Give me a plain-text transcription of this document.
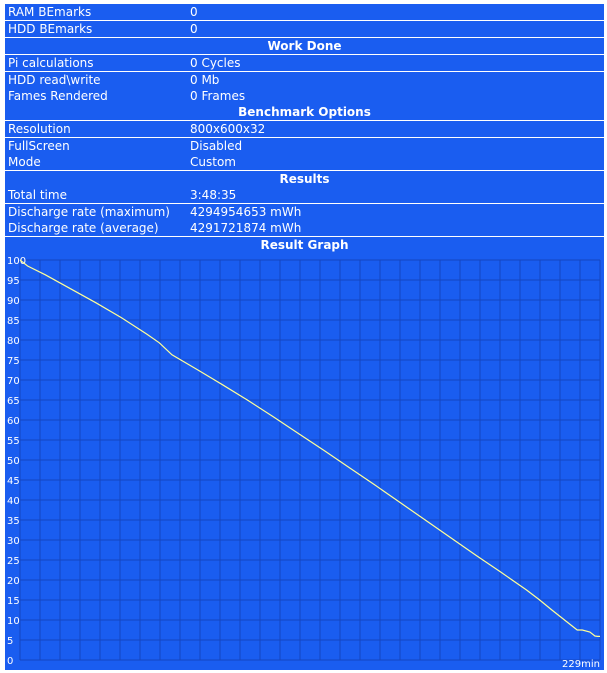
RAM BEmarks	0
HDD BEmarks	0
Work Done
Pi calculations	0 Cycles
HDD read\write	0 Mb
Fames Rendered	0 Frames
Benchmark Options
Resolution	800x600x32
FullScreen	Disabled
Mode	Custom
Results
Total time	3:48:35
Discharge rate (maximum) 4294954653 mWh
Discharge rate (average)	4291721874 mWh
Result Graph
0
5
10
15
20
25
30
35
40
45
50
55
60
65
70
75
80
85
90
95
100
229min
